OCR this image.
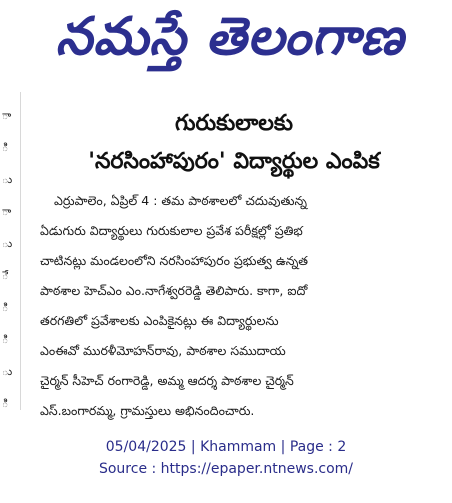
నమస్తే తెలంగాణ
ా
ి
ు
ా
ు
ే
ి
ి
ు
ి
గురుకులాలకు
'నరసింహాపురం' విద్యార్థుల ఎంపిక
ఎర్రుపాలెం, ఏప్రిల్ 4 : తమ పాఠశాలలో చదువుతున్న
ఏడుగురు విద్యార్థులు గురుకులాల ప్రవేశ పరీక్షల్లో ప్రతిభ
చాటినట్లు మండలంలోని నరసింహాపురం ప్రభుత్వ ఉన్నత
పాఠశాల హెచ్‌ఎం ఎం.నాగేశ్వరరెడ్డి తెలిపారు. కాగా, ఐదో
తరగతిలో ప్రవేశాలకు ఎంపికైనట్లు ఈ విద్యార్థులను
ఎంఈవో మురళీమోహన్‌రావు, పాఠశాల సముదాయ
చైర్మన్ సీహెచ్ రంగారెడ్డి, అమ్మ ఆదర్శ పాఠశాల చైర్మన్
ఎస్.బంగారమ్మ, గ్రామస్తులు అభినందించారు.
05/04/2025 | Khammam | Page : 2
Source : https://epaper.ntnews.com/
